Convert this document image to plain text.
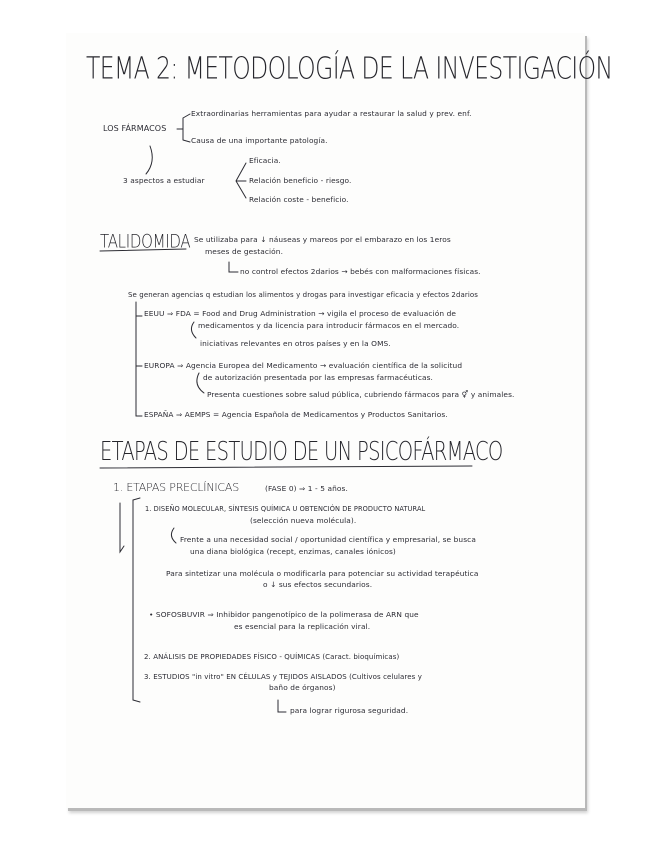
TEMA 2: METODOLOGÍA DE LA INVESTIGACIÓN
LOS FÁRMACOS
Extraordinarias herramientas para ayudar a restaurar la salud y prev. enf.
Causa de una importante patología.
3 aspectos a estudiar
Eficacia.
Relación beneficio - riesgo.
Relación coste - beneficio.
TALIDOMIDA Se utilizaba para ↓ náuseas y mareos por el embarazo en los 1eros
meses de gestación.
no control efectos 2darios → bebés con malformaciones físicas.
Se generan agencias q estudian los alimentos y drogas para investigar eficacia y efectos 2darios
EEUU ⇒ FDA = Food and Drug Administration → vigila el proceso de evaluación de
medicamentos y da licencia para introducir fármacos en el mercado.
iniciativas relevantes en otros países y en la OMS.
EUROPA ⇒ Agencia Europea del Medicamento → evaluación científica de la solicitud
de autorización presentada por las empresas farmacéuticas.
Presenta cuestiones sobre salud pública, cubriendo fármacos para ⚥ y animales.
ESPAÑA ⇒ AEMPS = Agencia Española de Medicamentos y Productos Sanitarios.
ETAPAS DE ESTUDIO DE UN PSICOFÁRMACO
1. ETAPAS PRECLÍNICAS	(FASE 0) ⇒ 1 - 5 años.
1. DISEÑO MOLECULAR, SÍNTESIS QUÍMICA U OBTENCIÓN DE PRODUCTO NATURAL
(selección nueva molécula).
Frente a una necesidad social / oportunidad científica y empresarial, se busca
una diana biológica (recept, enzimas, canales iónicos)
Para sintetizar una molécula o modificarla para potenciar su actividad terapéutica
o ↓ sus efectos secundarios.
• SOFOSBUVIR ⇒ Inhibidor pangenotípico de la polimerasa de ARN que
es esencial para la replicación viral.
2. ANÁLISIS DE PROPIEDADES FÍSICO - QUÍMICAS (Caract. bioquímicas)
3. ESTUDIOS "in vitro" EN CÉLULAS y TEJIDOS AISLADOS (Cultivos celulares y
baño de órganos)
para lograr rigurosa seguridad.
